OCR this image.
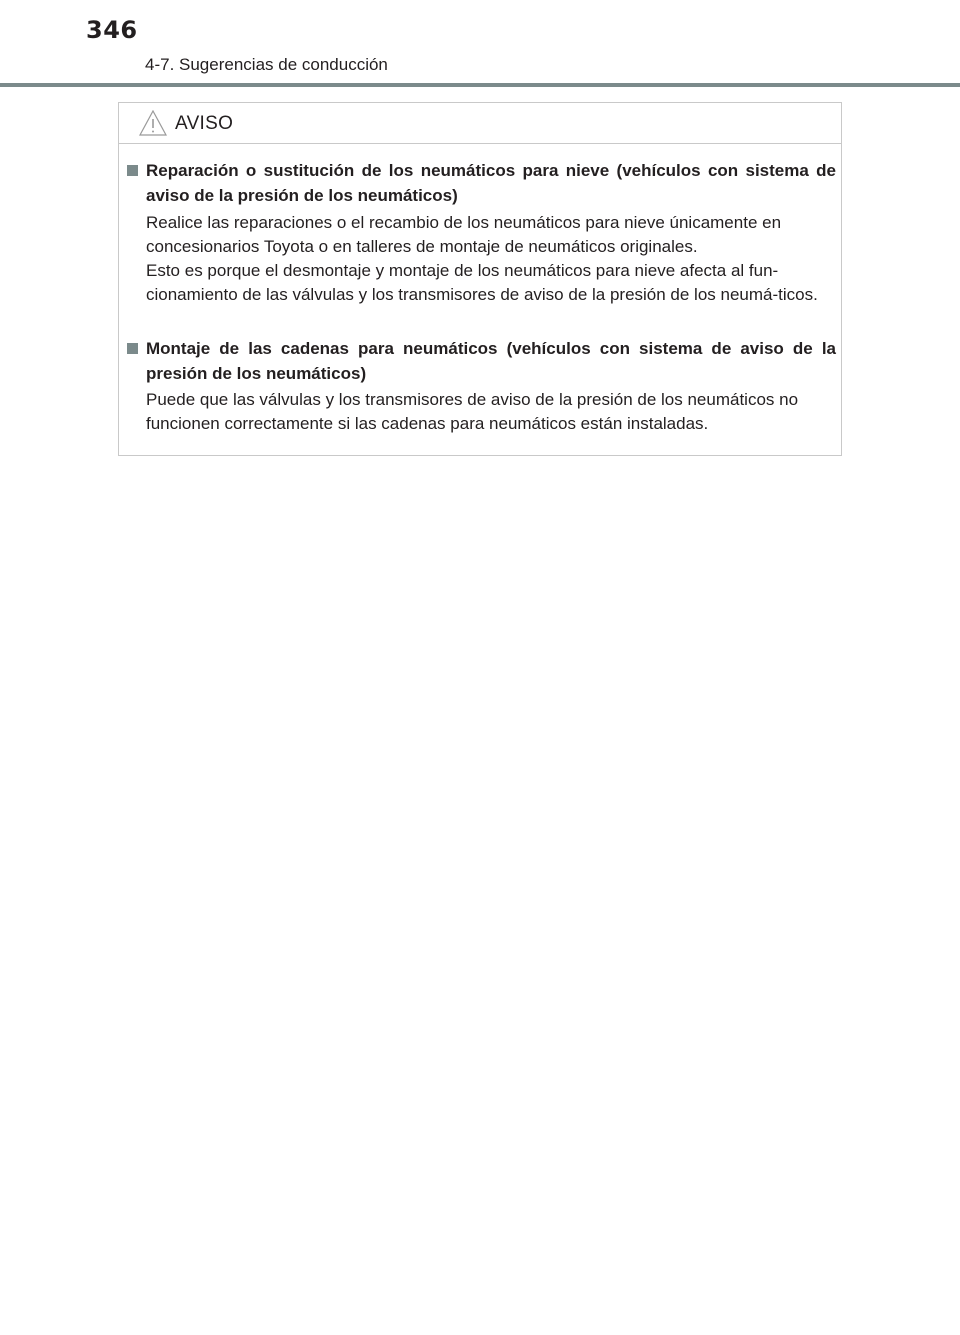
346
4-7. Sugerencias de conducción
AVISO
Reparación o sustitución de los neumáticos para nieve (vehículos con sistema de aviso de la presión de los neumáticos)

Realice las reparaciones o el recambio de los neumáticos para nieve únicamente en concesionarios Toyota o en talleres de montaje de neumáticos originales.

Esto es porque el desmontaje y montaje de los neumáticos para nieve afecta al fun-cionamiento de las válvulas y los transmisores de aviso de la presión de los neumá-ticos.

Montaje de las cadenas para neumáticos (vehículos con sistema de aviso de la presión de los neumáticos)

Puede que las válvulas y los transmisores de aviso de la presión de los neumáticos no funcionen correctamente si las cadenas para neumáticos están instaladas.
